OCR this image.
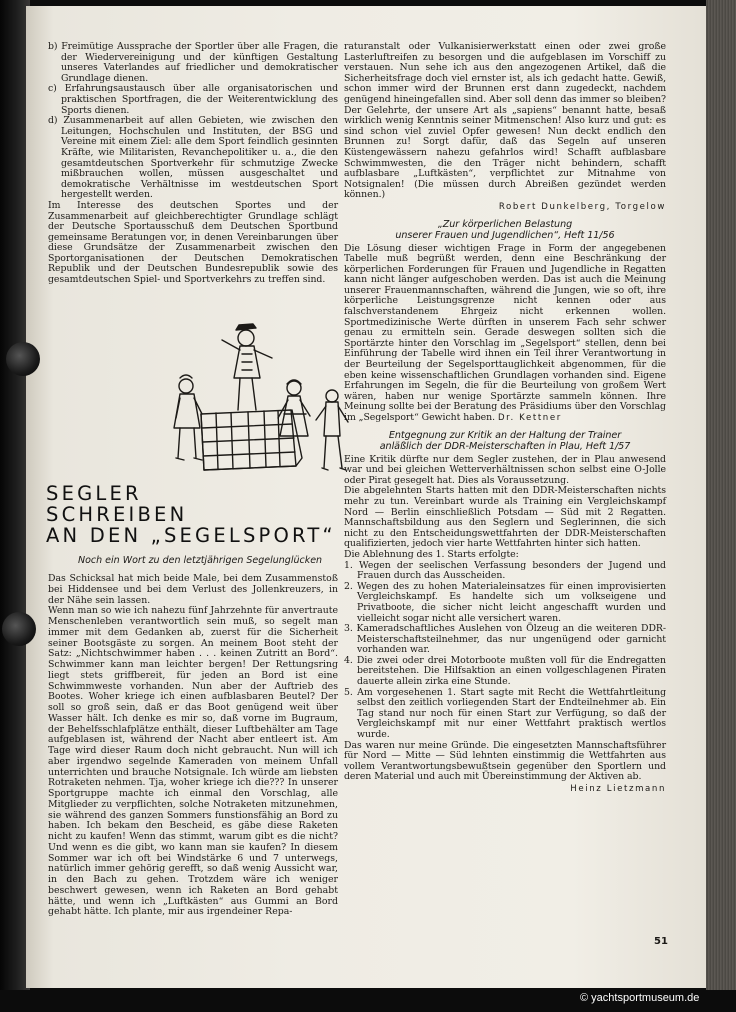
b) Freimütige Aussprache der Sportler über alle Fragen, die der Wiedervereinigung und der künftigen Gestaltung unseres Vaterlandes auf friedlicher und demokratischer Grundlage dienen.

c) Erfahrungsaustausch über alle organisatorischen und praktischen Sportfragen, die der Weiterentwicklung des Sports dienen.

d) Zusammenarbeit auf allen Gebieten, wie zwischen den Leitungen, Hochschulen und Instituten, der BSG und Vereine mit einem Ziel: alle dem Sport feindlich gesinnten Kräfte, wie Militaristen, Revanchepolitiker u. a., die den gesamtdeutschen Sportverkehr für schmutzige Zwecke mißbrauchen wollen, müssen ausgeschaltet und demokratische Verhältnisse im westdeutschen Sport hergestellt werden.

Im Interesse des deutschen Sportes und der Zusammenarbeit auf gleichberechtigter Grundlage schlägt der Deutsche Sportausschuß dem Deutschen Sportbund gemeinsame Beratungen vor, in denen Vereinbarungen über diese Grundsätze der Zusammenarbeit zwischen den Sportorganisationen der Deutschen Demokratischen Republik und der Deutschen Bundesrepublik sowie des gesamtdeutschen Spiel- und Sportverkehrs zu treffen sind.

SEGLER
SCHREIBEN
AN DEN „SEGELSPORT“
Noch ein Wort zu den letztjährigen Segelunglücken

Das Schicksal hat mich beide Male, bei dem Zusammenstoß bei Hiddensee und bei dem Verlust des Jollenkreuzers, in der Nähe sein lassen.

Wenn man so wie ich nahezu fünf Jahrzehnte für anvertraute Menschenleben verantwortlich sein muß, so segelt man immer mit dem Gedanken ab, zuerst für die Sicherheit seiner Bootsgäste zu sorgen. An meinem Boot steht der Satz: „Nichtschwimmer haben . . . keinen Zutritt an Bord“. Schwimmer kann man leichter bergen! Der Rettungsring liegt stets griffbereit, für jeden an Bord ist eine Schwimmweste vorhanden. Nun aber der Auftrieb des Bootes. Woher kriege ich einen aufblasbaren Beutel? Der soll so groß sein, daß er das Boot genügend weit über Wasser hält. Ich denke es mir so, daß vorne im Bugraum, der Behelfsschlafplätze enthält, dieser Luftbehälter am Tage aufgeblasen ist, während der Nacht aber entleert ist. Am Tage wird dieser Raum doch nicht gebraucht. Nun will ich aber irgendwo segelnde Kameraden von meinem Unfall unterrichten und brauche Notsignale. Ich würde am liebsten Rotraketen nehmen. Tja, woher kriege ich die??? In unserer Sportgruppe machte ich einmal den Vorschlag, alle Mitglieder zu verpflichten, solche Notraketen mitzunehmen, sie während des ganzen Sommers funstionsfähig an Bord zu haben. Ich bekam den Bescheid, es gäbe diese Raketen nicht zu kaufen! Wenn das stimmt, warum gibt es die nicht? Und wenn es die gibt, wo kann man sie kaufen? In diesem Sommer war ich oft bei Windstärke 6 und 7 unterwegs, natürlich immer gehörig gerefft, so daß wenig Aussicht war, in den Bach zu gehen. Trotzdem wäre ich weniger beschwert gewesen, wenn ich Raketen an Bord gehabt hätte, und wenn ich „Luftkästen“ aus Gummi an Bord gehabt hätte. Ich plante, mir aus irgendeiner Repa-

raturanstalt oder Vulkanisierwerkstatt einen oder zwei große Lasterluftreifen zu besorgen und die aufgeblasen im Vorschiff zu verstauen. Nun sehe ich aus den angezogenen Artikel, daß die Sicherheitsfrage doch viel ernster ist, als ich gedacht hatte. Gewiß, schon immer wird der Brunnen erst dann zugedeckt, nachdem genügend hineingefallen sind. Aber soll denn das immer so bleiben? Der Gelehrte, der unsere Art als „sapiens“ benannt hatte, besaß wirklich wenig Kenntnis seiner Mitmenschen! Also kurz und gut: es sind schon viel zuviel Opfer gewesen! Nun deckt endlich den Brunnen zu! Sorgt dafür, daß das Segeln auf unseren Küstengewässern nahezu gefahrlos wird! Schafft aufblasbare Schwimmwesten, die den Träger nicht behindern, schafft aufblasbare „Luftkästen“, verpflichtet zur Mitnahme von Notsignalen! (Die müssen durch Abreißen gezündet werden können.)

Robert Dunkelberg, Torgelow
„Zur körperlichen Belastung
unserer Frauen und Jugendlichen“, Heft 11/56

Die Lösung dieser wichtigen Frage in Form der angegebenen Tabelle muß begrüßt werden, denn eine Beschränkung der körperlichen Forderungen für Frauen und Jugendliche in Regatten kann nicht länger aufgeschoben werden. Das ist auch die Meinung unserer Frauenmannschaften, während die Jungen, wie so oft, ihre körperliche Leistungsgrenze nicht kennen oder aus falschverstandenem Ehrgeiz nicht erkennen wollen. Sportmedizinische Werte dürften in unserem Fach sehr schwer genau zu ermitteln sein. Gerade deswegen sollten sich die Sportärzte hinter den Vorschlag im „Segelsport“ stellen, denn bei Einführung der Tabelle wird ihnen ein Teil ihrer Verantwortung in der Beurteilung der Segelsporttauglichkeit abgenommen, für die eben keine wissenschaftlichen Grundlagen vorhanden sind. Eigene Erfahrungen im Segeln, die für die Beurteilung von großem Wert wären, haben nur wenige Sportärzte sammeln können. Ihre Meinung sollte bei der Beratung des Präsidiums über den Vorschlag im „Segelsport“ Gewicht haben. Dr. Kettner

Entgegnung zur Kritik an der Haltung der Trainer
anläßlich der DDR-Meisterschaften in Plau, Heft 1/57

Eine Kritik dürfte nur dem Segler zustehen, der in Plau anwesend war und bei gleichen Wetterverhältnissen schon selbst eine O-Jolle oder Pirat gesegelt hat. Dies als Voraussetzung.

Die abgelehnten Starts hatten mit den DDR-Meisterschaften nichts mehr zu tun. Vereinbart wurde als Training ein Vergleichskampf Nord — Berlin einschließlich Potsdam — Süd mit 2 Regatten. Mannschaftsbildung aus den Seglern und Seglerinnen, die sich nicht zu den Entscheidungswettfahrten der DDR-Meisterschaften qualifizierten, jedoch vier harte Wettfahrten hinter sich hatten.

Die Ablehnung des 1. Starts erfolgte:

1. Wegen der seelischen Verfassung besonders der Jugend und Frauen durch das Ausscheiden.

2. Wegen des zu hohen Materialeinsatzes für einen improvisierten Vergleichskampf. Es handelte sich um volkseigene und Privatboote, die sicher nicht leicht angeschafft wurden und vielleicht sogar nicht alle versichert waren.

3. Kameradschaftliches Auslehen von Ölzeug an die weiteren DDR-Meisterschaftsteilnehmer, das nur ungenügend oder garnicht vorhanden war.

4. Die zwei oder drei Motorboote mußten voll für die Endregatten bereitstehen. Die Hilfsaktion an einen vollgeschlagenen Piraten dauerte allein zirka eine Stunde.

5. Am vorgesehenen 1. Start sagte mit Recht die Wettfahrtleitung selbst den zeitlich vorliegenden Start der Endteilnehmer ab. Ein Tag stand nur noch für einen Start zur Verfügung, so daß der Vergleichskampf mit nur einer Wettfahrt praktisch wertlos wurde.

Das waren nur meine Gründe. Die eingesetzten Mannschaftsführer für Nord — Mitte — Süd lehnten einstimmig die Wettfahrten aus vollem Verantwortungsbewußtsein gegenüber den Sportlern und deren Material und auch mit Übereinstimmung der Aktiven ab.

Heinz Lietzmann
51
© yachtsportmuseum.de
